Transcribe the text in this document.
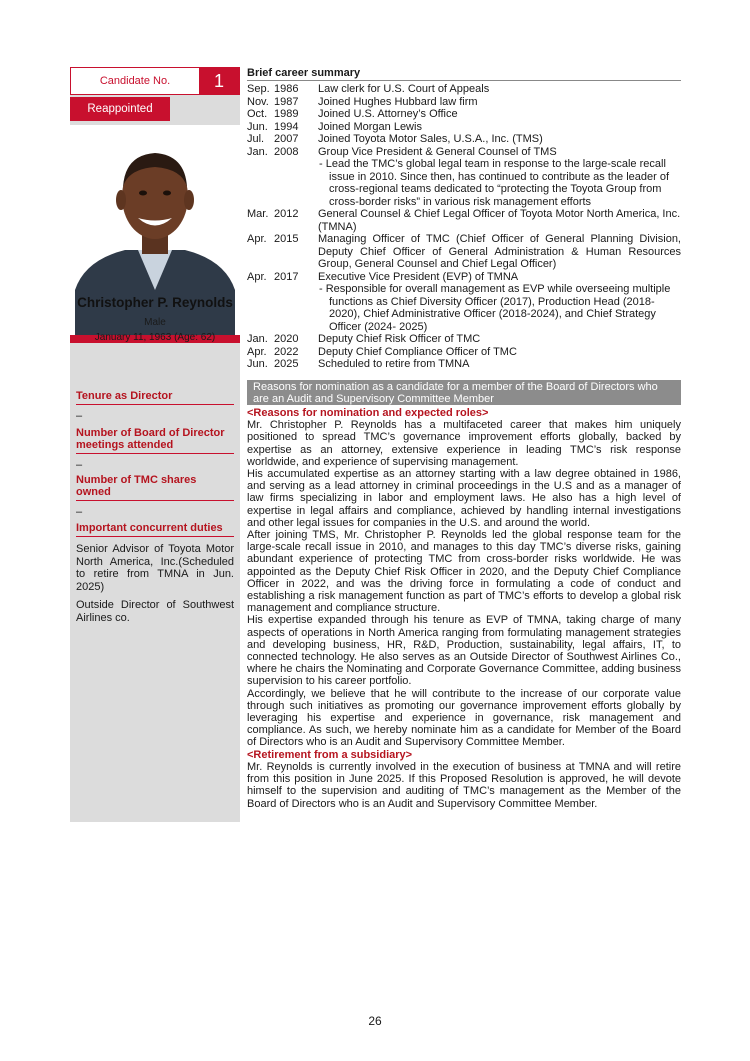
Candidate No.	1
Reappointed
Christopher P. Reynolds
Male
January 11, 1963 (Age: 62)
Tenure as Director
–
Number of Board of Director meetings attended
–
Number of TMC shares owned
–
Important concurrent duties
Senior Advisor of Toyota Motor North America, Inc.(Scheduled to retire from TMNA in Jun. 2025)
Outside Director of Southwest Airlines co.
Brief career summary
Sep. 1986	Law clerk for U.S. Court of Appeals
Nov. 1987	Joined Hughes Hubbard law firm
Oct. 1989	Joined U.S. Attorney’s Office
Jun. 1994	Joined Morgan Lewis
Jul. 2007	Joined Toyota Motor Sales, U.S.A., Inc. (TMS)
Jan. 2008	Group Vice President & General Counsel of TMS
- Lead the TMC’s global legal team in response to the large-scale recall issue in 2010. Since then, has continued to contribute as the leader of cross-regional teams dedicated to “protecting the Toyota Group from cross-border risks” in various risk management efforts
Mar. 2012	General Counsel & Chief Legal Officer of Toyota Motor North America, Inc. (TMNA)
Apr. 2015	Managing Officer of TMC (Chief Officer of General Planning Division, Deputy Chief Officer of General Administration & Human Resources Group, General Counsel and Chief Legal Officer)
Apr. 2017	Executive Vice President (EVP) of TMNA
- Responsible for overall management as EVP while overseeing multiple functions as Chief Diversity Officer (2017), Production Head (2018-2020), Chief Administrative Officer (2018-2024), and Chief Strategy Officer (2024- 2025)
Jan. 2020	Deputy Chief Risk Officer of TMC
Apr. 2022	Deputy Chief Compliance Officer of TMC
Jun. 2025	Scheduled to retire from TMNA
Reasons for nomination as a candidate for a member of the Board of Directors who are an Audit and Supervisory Committee Member

<Reasons for nomination and expected roles>

Mr. Christopher P. Reynolds has a multifaceted career that makes him uniquely positioned to spread TMC’s governance improvement efforts globally, backed by expertise as an attorney, extensive experience in leading TMC’s risk response worldwide, and experience of supervising management.

His accumulated expertise as an attorney starting with a law degree obtained in 1986, and serving as a lead attorney in criminal proceedings in the U.S and as a manager of law firms specializing in labor and employment laws. He also has a high level of expertise in legal affairs and compliance, achieved by handling internal investigations and other legal issues for companies in the U.S. and around the world.

After joining TMS, Mr. Christopher P. Reynolds led the global response team for the large-scale recall issue in 2010, and manages to this day TMC’s diverse risks, gaining abundant experience of protecting TMC from cross-border risks worldwide. He was appointed as the Deputy Chief Risk Officer in 2020, and the Deputy Chief Compliance Officer in 2022, and was the driving force in formulating a code of conduct and establishing a risk management function as part of TMC’s efforts to develop a global risk management and compliance structure.

His expertise expanded through his tenure as EVP of TMNA, taking charge of many aspects of operations in North America ranging from formulating management strategies and developing business, HR, R&D, Production, sustainability, legal affairs, IT, to connected technology. He also serves as an Outside Director of Southwest Airlines Co., where he chairs the Nominating and Corporate Governance Committee, adding business supervision to his career portfolio.

Accordingly, we believe that he will contribute to the increase of our corporate value through such initiatives as promoting our governance improvement efforts globally by leveraging his expertise and experience in governance, risk management and compliance. As such, we hereby nominate him as a candidate for Member of the Board of Directors who is an Audit and Supervisory Committee Member.

<Retirement from a subsidiary>

Mr. Reynolds is currently involved in the execution of business at TMNA and will retire from this position in June 2025. If this Proposed Resolution is approved, he will devote himself to the supervision and auditing of TMC’s management as the Member of the Board of Directors who is an Audit and Supervisory Committee Member.

26
